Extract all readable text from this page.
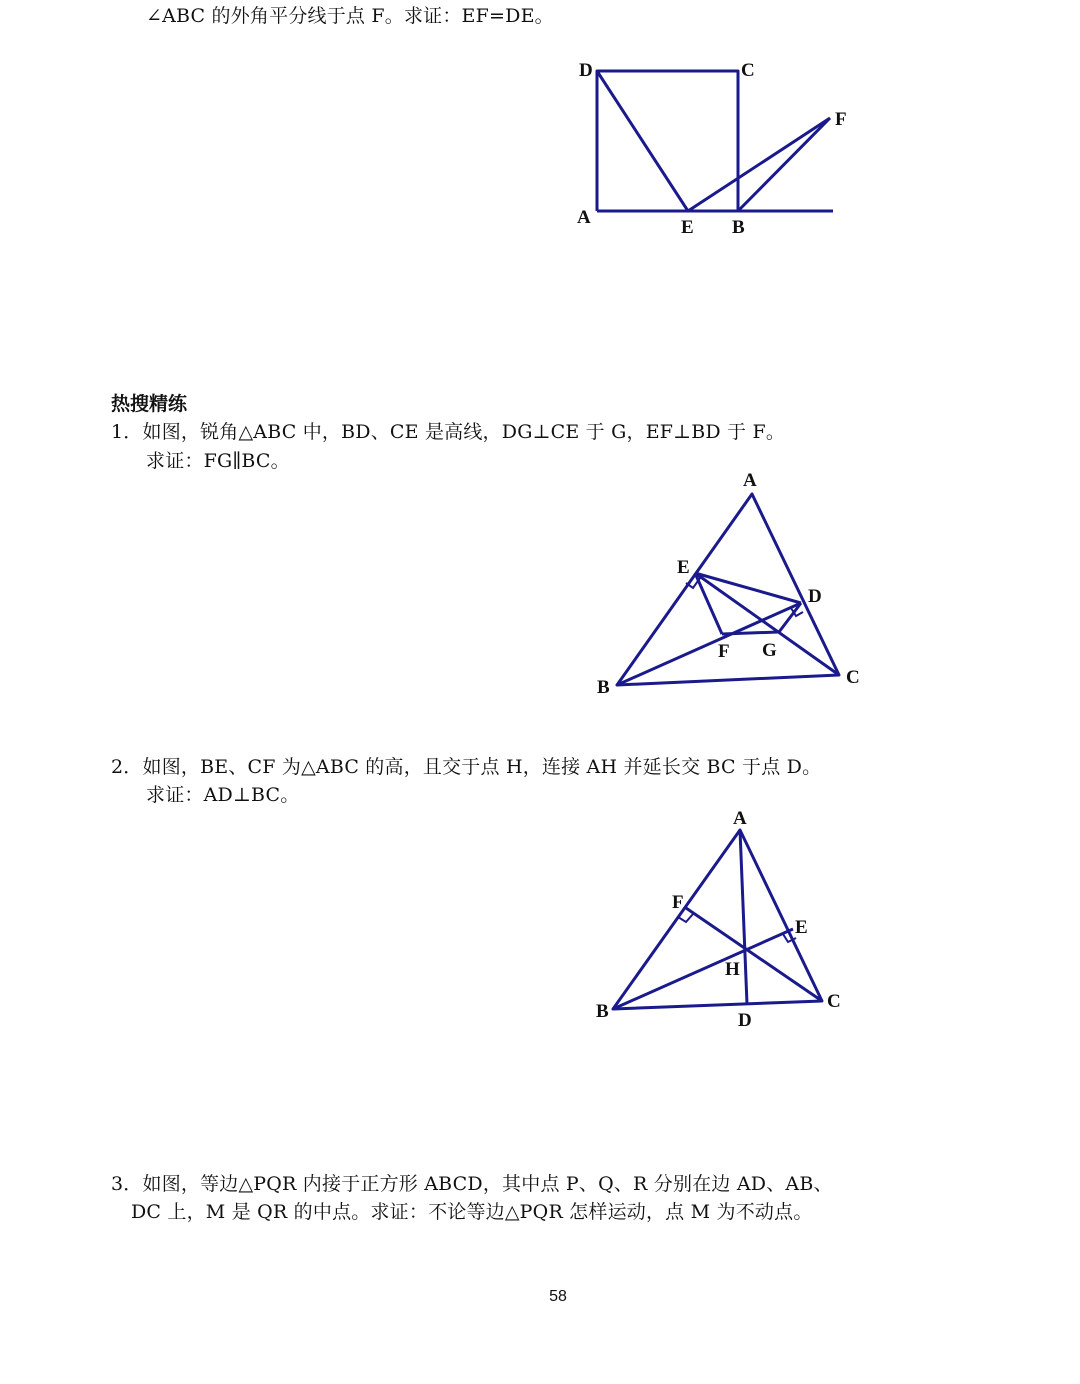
∠ABC 的外角平分线于点 F。求证：EF=DE。
D	C
F
A	E B
热搜精练
1．如图，锐角△ABC 中，BD、CE 是高线，DG⊥CE 于 G，EF⊥BD 于 F。
求证：FG∥BC。
A
E
D
F G
B	C
2．如图，BE、CF 为△ABC 的高，且交于点 H，连接 AH 并延长交 BC 于点 D。
求证：AD⊥BC。
A
F
E
H
B	C
D
3．如图，等边△PQR 内接于正方形 ABCD，其中点 P、Q、R 分别在边 AD、AB、
DC 上，M 是 QR 的中点。求证：不论等边△PQR 怎样运动，点 M 为不动点。
58
